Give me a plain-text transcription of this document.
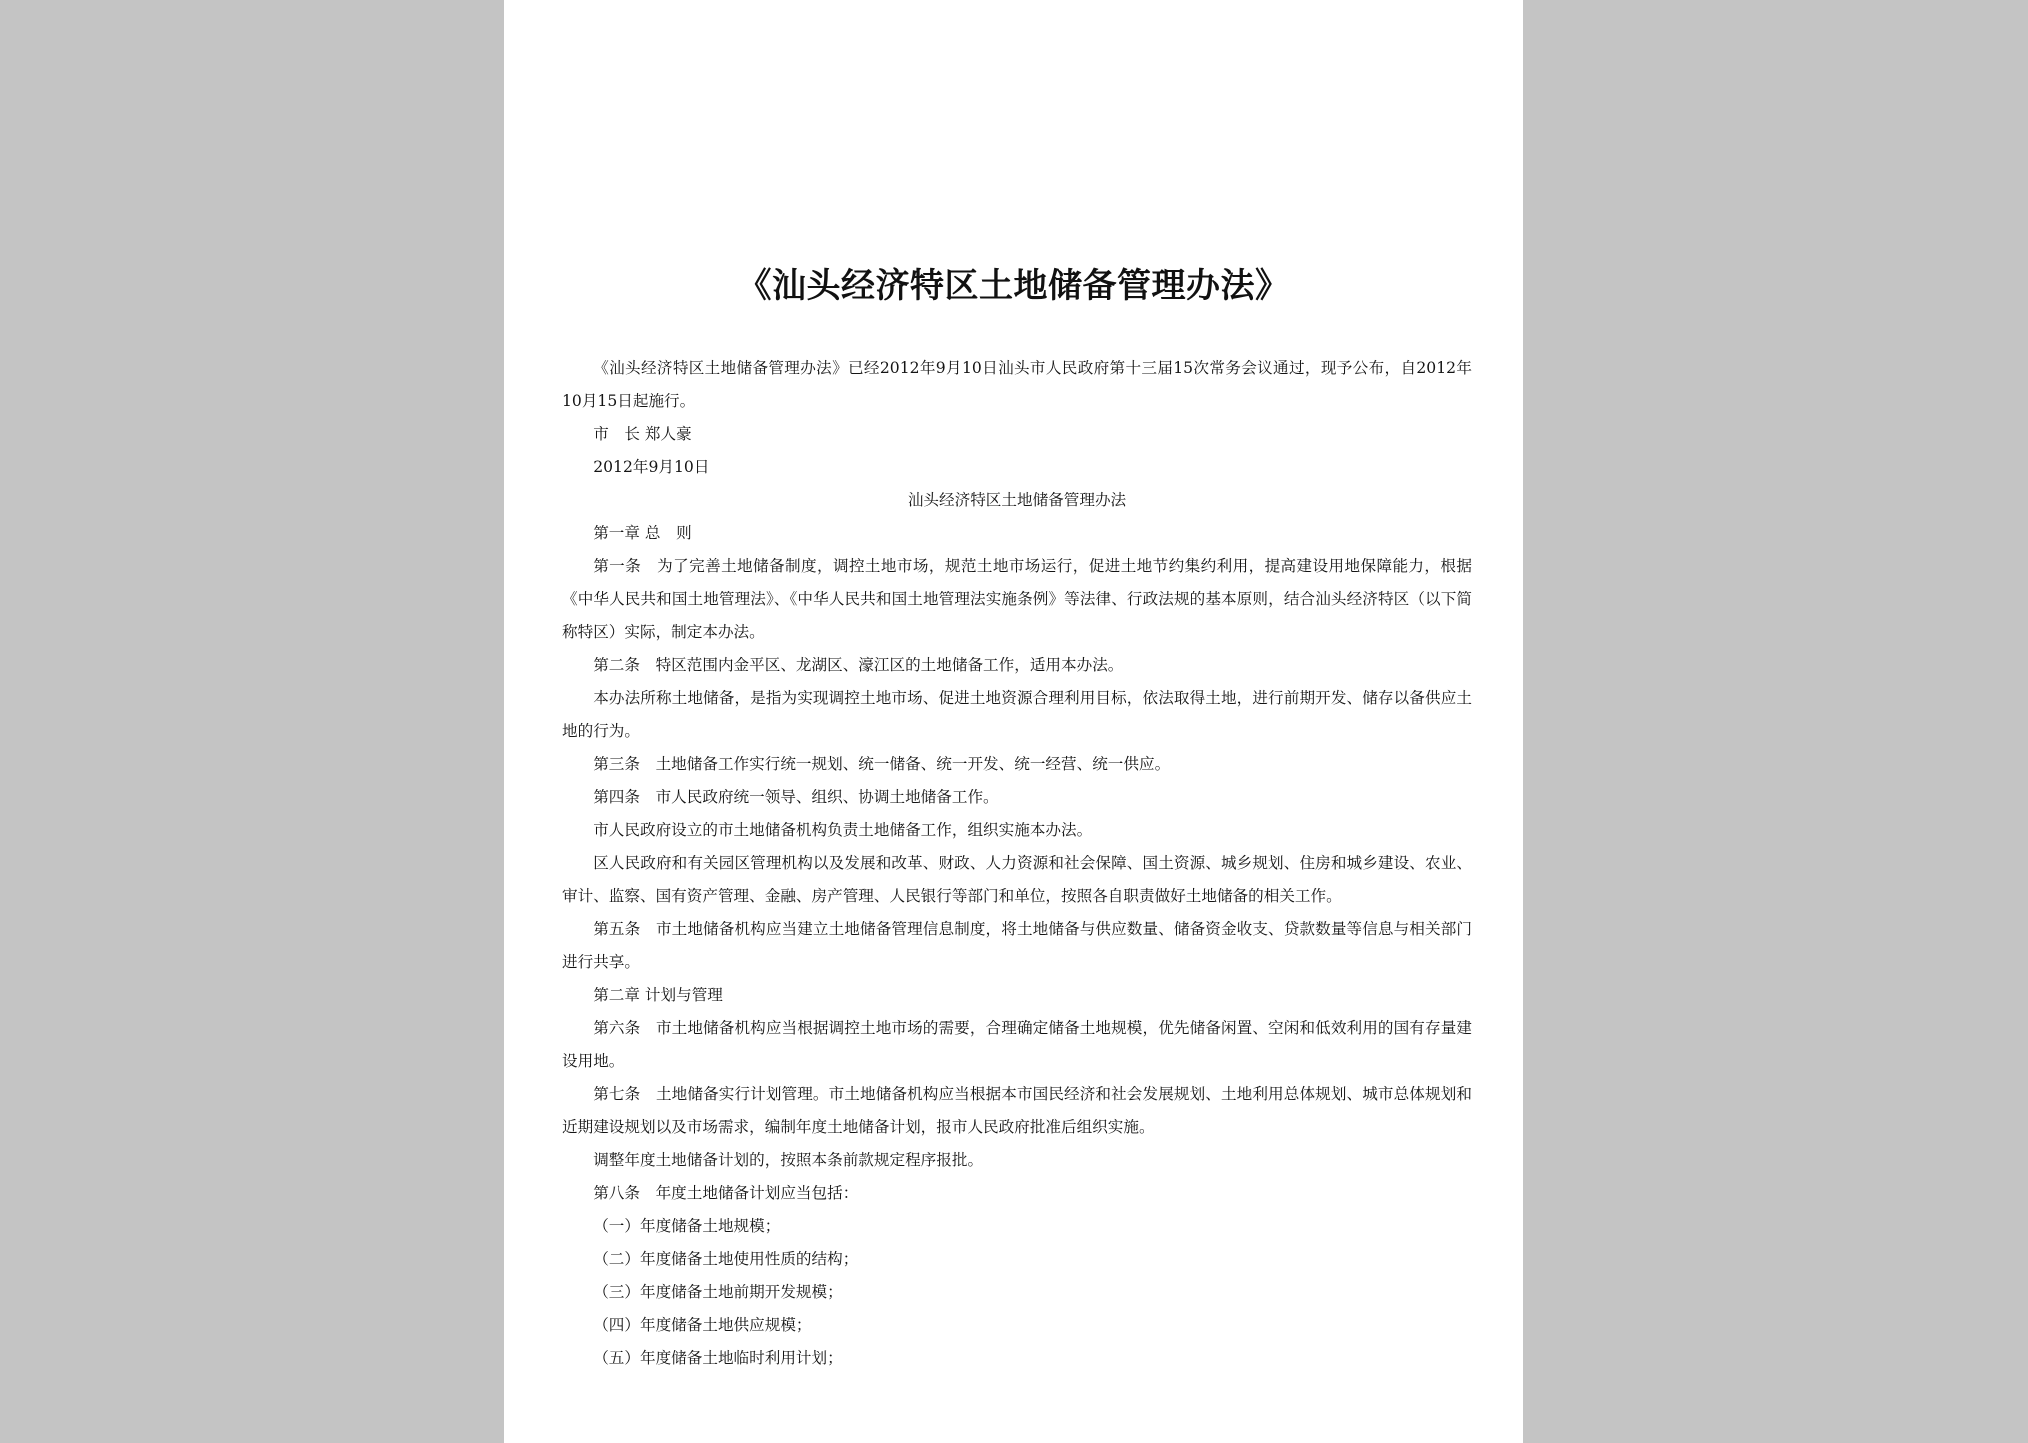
《汕头经济特区土地储备管理办法》

《汕头经济特区土地储备管理办法》已经2012年9月10日汕头市人民政府第十三届15次常务会议通过，现予公布，自2012年10月15日起施行。

市　长 郑人豪

2012年9月10日

汕头经济特区土地储备管理办法

第一章 总　则

第一条　为了完善土地储备制度，调控土地市场，规范土地市场运行，促进土地节约集约利用，提高建设用地保障能力，根据《中华人民共和国土地管理法》、《中华人民共和国土地管理法实施条例》等法律、行政法规的基本原则，结合汕头经济特区（以下简称特区）实际，制定本办法。

第二条　特区范围内金平区、龙湖区、濠江区的土地储备工作，适用本办法。

本办法所称土地储备，是指为实现调控土地市场、促进土地资源合理利用目标，依法取得土地，进行前期开发、储存以备供应土地的行为。

第三条　土地储备工作实行统一规划、统一储备、统一开发、统一经营、统一供应。

第四条　市人民政府统一领导、组织、协调土地储备工作。

市人民政府设立的市土地储备机构负责土地储备工作，组织实施本办法。

区人民政府和有关园区管理机构以及发展和改革、财政、人力资源和社会保障、国土资源、城乡规划、住房和城乡建设、农业、审计、监察、国有资产管理、金融、房产管理、人民银行等部门和单位，按照各自职责做好土地储备的相关工作。

第五条　市土地储备机构应当建立土地储备管理信息制度，将土地储备与供应数量、储备资金收支、贷款数量等信息与相关部门进行共享。

第二章 计划与管理

第六条　市土地储备机构应当根据调控土地市场的需要，合理确定储备土地规模，优先储备闲置、空闲和低效利用的国有存量建设用地。

第七条　土地储备实行计划管理。市土地储备机构应当根据本市国民经济和社会发展规划、土地利用总体规划、城市总体规划和近期建设规划以及市场需求，编制年度土地储备计划，报市人民政府批准后组织实施。

调整年度土地储备计划的，按照本条前款规定程序报批。

第八条　年度土地储备计划应当包括：

（一）年度储备土地规模；

（二）年度储备土地使用性质的结构；

（三）年度储备土地前期开发规模；

（四）年度储备土地供应规模；

（五）年度储备土地临时利用计划；
